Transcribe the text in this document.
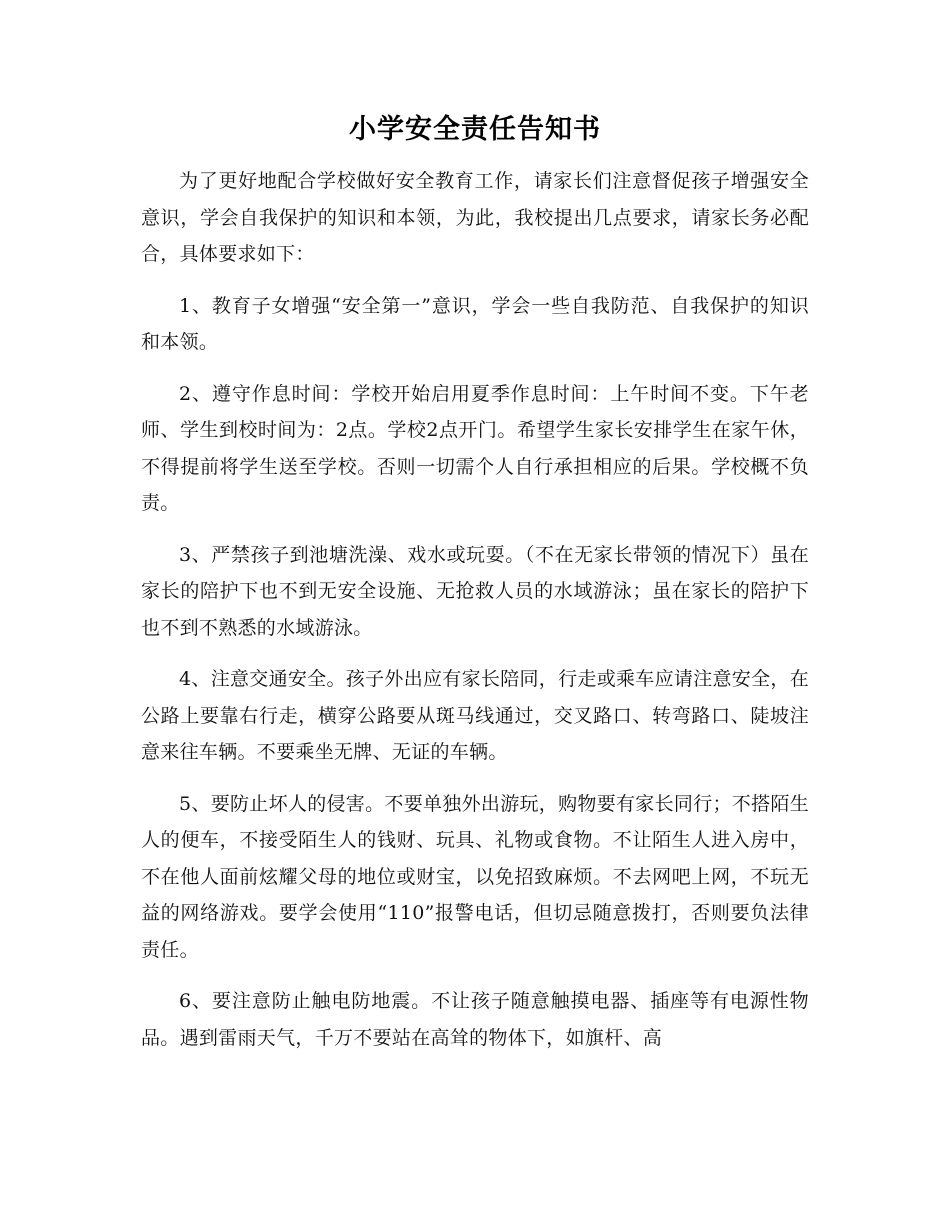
小学安全责任告知书

为了更好地配合学校做好安全教育工作，请家长们注意督促孩子增强安全意识，学会自我保护的知识和本领，为此，我校提出几点要求，请家长务必配合，具体要求如下：

1、教育子女增强“安全第一”意识，学会一些自我防范、自我保护的知识和本领。

2、遵守作息时间：学校开始启用夏季作息时间：上午时间不变。下午老师、学生到校时间为：2点。学校2点开门。希望学生家长安排学生在家午休，不得提前将学生送至学校。否则一切需个人自行承担相应的后果。学校概不负责。

3、严禁孩子到池塘洗澡、戏水或玩耍。（不在无家长带领的情况下）虽在家长的陪护下也不到无安全设施、无抢救人员的水域游泳；虽在家长的陪护下也不到不熟悉的水域游泳。

4、注意交通安全。孩子外出应有家长陪同，行走或乘车应请注意安全，在公路上要靠右行走，横穿公路要从斑马线通过，交叉路口、转弯路口、陡坡注意来往车辆。不要乘坐无牌、无证的车辆。

5、要防止坏人的侵害。不要单独外出游玩，购物要有家长同行；不搭陌生人的便车，不接受陌生人的钱财、玩具、礼物或食物。不让陌生人进入房中，不在他人面前炫耀父母的地位或财宝，以免招致麻烦。不去网吧上网，不玩无益的网络游戏。要学会使用“110”报警电话，但切忌随意拨打，否则要负法律责任。

6、要注意防止触电防地震。不让孩子随意触摸电器、插座等有电源性物品。遇到雷雨天气，千万不要站在高耸的物体下，如旗杆、高
